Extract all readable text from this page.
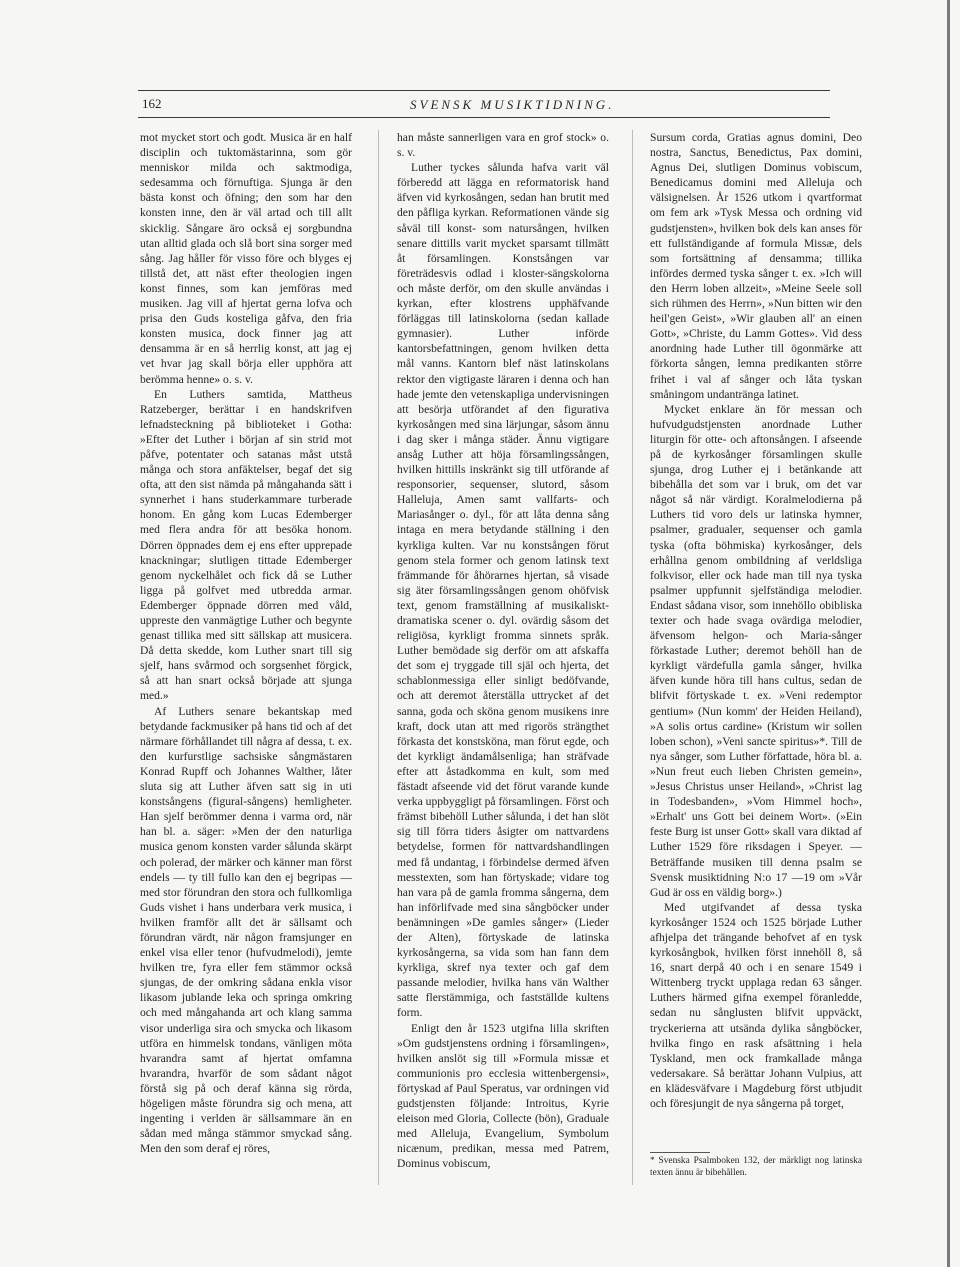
162	SVENSK MUSIKTIDNING.

mot mycket stort och godt. Musica är en half disciplin och tuktomästarinna, som gör menniskor milda och saktmodiga, sedesamma och förnuftiga. Sjunga är den bästa konst och öfning; den som har den konsten inne, den är väl artad och till allt skicklig. Sångare äro också ej sorgbundna utan alltid glada och slå bort sina sorger med sång. Jag håller för visso före och blyges ej tillstå det, att näst efter theologien ingen konst finnes, som kan jemföras med musiken. Jag vill af hjertat gerna lofva och prisa den Guds kosteliga gåfva, den fria konsten musica, dock finner jag att densamma är en så herrlig konst, att jag ej vet hvar jag skall börja eller upphöra att berömma henne» o. s. v.

En Luthers samtida, Mattheus Ratzeberger, berättar i en handskrifven lefnadsteckning på biblioteket i Gotha: »Efter det Luther i början af sin strid mot påfve, potentater och satanas måst utstå många och stora anfäktelser, begaf det sig ofta, att den sist nämda på mångahanda sätt i synnerhet i hans studerkammare turberade honom. En gång kom Lucas Edemberger med flera andra för att besöka honom. Dörren öppnades dem ej ens efter upprepade knackningar; slutligen tittade Edemberger genom nyckelhålet och fick då se Luther ligga på golfvet med utbredda armar. Edemberger öppnade dörren med våld, uppreste den vanmägtige Luther och begynte genast tillika med sitt sällskap att musicera. Då detta skedde, kom Luther snart till sig sjelf, hans svårmod och sorgsenhet förgick, så att han snart också började att sjunga med.»

Af Luthers senare bekantskap med betydande fackmusiker på hans tid och af det närmare förhållandet till några af dessa, t. ex. den kurfurstlige sachsiske sångmästaren Konrad Rupff och Johannes Walther, låter sluta sig att Luther äfven satt sig in uti konstsångens (figural-sångens) hemligheter. Han sjelf berömmer denna i varma ord, när han bl. a. säger: »Men der den naturliga musica genom konsten varder sålunda skärpt och polerad, der märker och känner man först endels — ty till fullo kan den ej begripas — med stor förundran den stora och fullkomliga Guds vishet i hans underbara verk musica, i hvilken framför allt det är sällsamt och förundran värdt, när någon framsjunger en enkel visa eller tenor (hufvudmelodi), jemte hvilken tre, fyra eller fem stämmor också sjungas, de der omkring sådana enkla visor likasom jublande leka och springa omkring och med mångahanda art och klang samma visor underliga sira och smycka och likasom utföra en himmelsk tondans, vänligen möta hvarandra samt af hjertat omfamna hvarandra, hvarför de som sådant något förstå sig på och deraf känna sig rörda, högeligen måste förundra sig och mena, att ingenting i verlden är sällsammare än en sådan med många stämmor smyckad sång. Men den som deraf ej röres,

han måste sannerligen vara en grof stock» o. s. v.

Luther tyckes sålunda hafva varit väl förberedd att lägga en reformatorisk hand äfven vid kyrkosången, sedan han brutit med den påfliga kyrkan. Reformationen vände sig såväl till konst- som natursången, hvilken senare dittills varit mycket sparsamt tillmätt åt församlingen. Konstsången var företrädesvis odlad i kloster-sängskolorna och måste derför, om den skulle användas i kyrkan, efter klostrens upphäfvande förläggas till latinskolorna (sedan kallade gymnasier). Luther införde kantorsbefattningen, genom hvilken detta mål vanns. Kantorn blef näst latinskolans rektor den vigtigaste läraren i denna och han hade jemte den vetenskapliga undervisningen att besörja utförandet af den figurativa kyrkosången med sina lärjungar, såsom ännu i dag sker i många städer. Ännu vigtigare ansåg Luther att höja församlingssången, hvilken hittills inskränkt sig till utförande af responsorier, sequenser, slutord, såsom Halleluja, Amen samt vallfarts- och Mariasånger o. dyl., för att låta denna sång intaga en mera betydande ställning i den kyrkliga kulten. Var nu konstsången förut genom stela former och genom latinsk text främmande för åhörarnes hjertan, så visade sig äter församlingssången genom ohöfvisk text, genom framställning af musikaliskt-dramatiska scener o. dyl. ovärdig såsom det religiösa, kyrkligt fromma sinnets språk. Luther bemödade sig derför om att afskaffa det som ej tryggade till själ och hjerta, det schablonmessiga eller sinligt bedöfvande, och att deremot återställa uttrycket af det sanna, goda och sköna genom musikens inre kraft, dock utan att med rigorös strängthet förkasta det konstsköna, man förut egde, och det kyrkligt ändamålsenliga; han sträfvade efter att åstadkomma en kult, som med fästadt afseende vid det förut varande kunde verka uppbyggligt på församlingen. Först och främst bibehöll Luther sålunda, i det han slöt sig till förra tiders åsigter om nattvardens betydelse, formen för nattvardshandlingen med få undantag, i förbindelse dermed äfven messtexten, som han förtyskade; vidare tog han vara på de gamla fromma sångerna, dem han införlifvade med sina sångböcker under benämningen »De gamles sånger» (Lieder der Alten), förtyskade de latinska kyrkosångerna, sa vida som han fann dem kyrkliga, skref nya texter och gaf dem passande melodier, hvilka hans vän Walther satte flerstämmiga, och fastställde kultens form.

Enligt den år 1523 utgifna lilla skriften »Om gudstjenstens ordning i församlingen», hvilken anslöt sig till »Formula missæ et communionis pro ecclesia wittenbergensi», förtyskad af Paul Speratus, var ordningen vid gudstjensten följande: Introitus, Kyrie eleison med Gloria, Collecte (bön), Graduale med Alleluja, Evangelium, Symbolum nicænum, predikan, messa med Patrem, Dominus vobiscum,

Sursum corda, Gratias agnus domini, Deo nostra, Sanctus, Benedictus, Pax domini, Agnus Dei, slutligen Dominus vobiscum, Benedicamus domini med Alleluja och välsignelsen. År 1526 utkom i qvartformat om fem ark »Tysk Messa och ordning vid gudstjensten», hvilken bok dels kan anses för ett fullständigande af formula Missæ, dels som fortsättning af densamma; tillika infördes dermed tyska sånger t. ex. »Ich will den Herrn loben allzeit», »Meine Seele soll sich rühmen des Herrn», »Nun bitten wir den heil'gen Geist», »Wir glauben all' an einen Gott», »Christe, du Lamm Gottes». Vid dess anordning hade Luther till ögonmärke att förkorta sången, lemna predikanten större frihet i val af sånger och låta tyskan småningom undantränga latinet.

Mycket enklare än för messan och hufvudgudstjensten anordnade Luther liturgin för otte- och aftonsången. I afseende på de kyrkosånger församlingen skulle sjunga, drog Luther ej i betänkande att bibehålla det som var i bruk, om det var något så när värdigt. Koralmelodierna på Luthers tid voro dels ur latinska hymner, psalmer, gradualer, sequenser och gamla tyska (ofta böhmiska) kyrkosånger, dels erhållna genom ombildning af verldsliga folkvisor, eller ock hade man till nya tyska psalmer uppfunnit sjelfständiga melodier. Endast sådana visor, som innehöllo obibliska texter och hade svaga ovärdiga melodier, äfvensom helgon- och Maria-sånger förkastade Luther; deremot behöll han de kyrkligt värdefulla gamla sånger, hvilka äfven kunde höra till hans cultus, sedan de blifvit förtyskade t. ex. »Veni redemptor gentium» (Nun komm' der Heiden Heiland), »A solis ortus cardine» (Kristum wir sollen loben schon), »Veni sancte spiritus»*. Till de nya sånger, som Luther författade, höra bl. a. »Nun freut euch lieben Christen gemein», »Jesus Christus unser Heiland», »Christ lag in Todesbanden», »Vom Himmel hoch», »Erhalt' uns Gott bei deinem Wort». (»Ein feste Burg ist unser Gott» skall vara diktad af Luther 1529 före riksdagen i Speyer. — Beträffande musiken till denna psalm se Svensk musiktidning N:o 17 —19 om »Vår Gud är oss en väldig borg».)

Med utgifvandet af dessa tyska kyrkosånger 1524 och 1525 började Luther afhjelpa det trängande behofvet af en tysk kyrkosångbok, hvilken först innehöll 8, så 16, snart derpå 40 och i en senare 1549 i Wittenberg tryckt upplaga redan 63 sånger. Luthers härmed gifna exempel föranledde, sedan nu sånglusten blifvit uppväckt, tryckerierna att utsända dylika sångböcker, hvilka fingo en rask afsättning i hela Tyskland, men ock framkallade många vedersakare. Så berättar Johann Vulpius, att en klädesväfvare i Magdeburg först utbjudit och föresjungit de nya sångerna på torget,

* Svenska Psalmboken 132, der märkligt nog latinska texten ännu är bibehållen.
